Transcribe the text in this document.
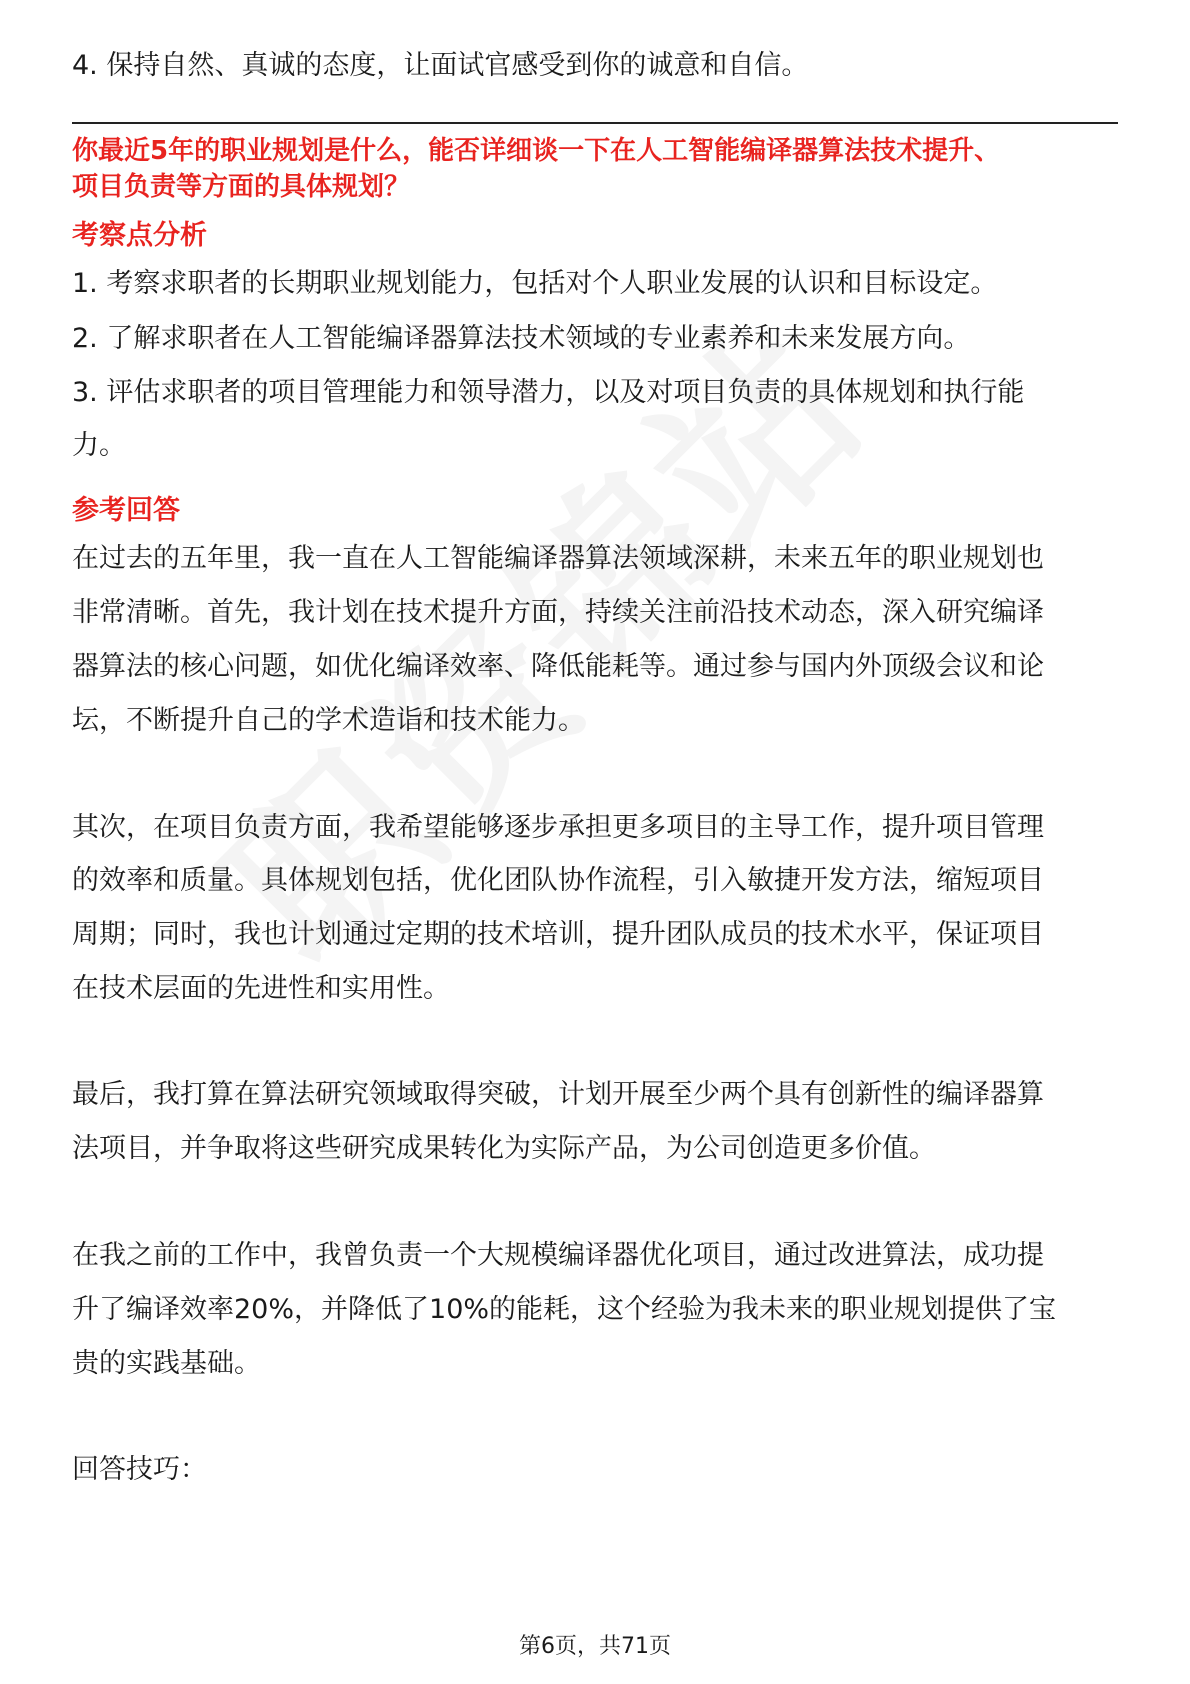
4. 保持自然、真诚的态度，让面试官感受到你的诚意和自信。
你最近5年的职业规划是什么，能否详细谈一下在人工智能编译器算法技术提升、
项目负责等方面的具体规划？
考察点分析
1. 考察求职者的长期职业规划能力，包括对个人职业发展的认识和目标设定。
2. 了解求职者在人工智能编译器算法技术领域的专业素养和未来发展方向。
3. 评估求职者的项目管理能力和领导潜力，以及对项目负责的具体规划和执行能
力。
参考回答
在过去的五年里，我一直在人工智能编译器算法领域深耕，未来五年的职业规划也
非常清晰。首先，我计划在技术提升方面，持续关注前沿技术动态，深入研究编译
器算法的核心问题，如优化编译效率、降低能耗等。通过参与国内外顶级会议和论
坛，不断提升自己的学术造诣和技术能力。
其次，在项目负责方面，我希望能够逐步承担更多项目的主导工作，提升项目管理
的效率和质量。具体规划包括，优化团队协作流程，引入敏捷开发方法，缩短项目
周期；同时，我也计划通过定期的技术培训，提升团队成员的技术水平，保证项目
在技术层面的先进性和实用性。
最后，我打算在算法研究领域取得突破，计划开展至少两个具有创新性的编译器算
法项目，并争取将这些研究成果转化为实际产品，为公司创造更多价值。
在我之前的工作中，我曾负责一个大规模编译器优化项目，通过改进算法，成功提
升了编译效率20%，并降低了10%的能耗，这个经验为我未来的职业规划提供了宝
贵的实践基础。
回答技巧：
第6页，共71页
